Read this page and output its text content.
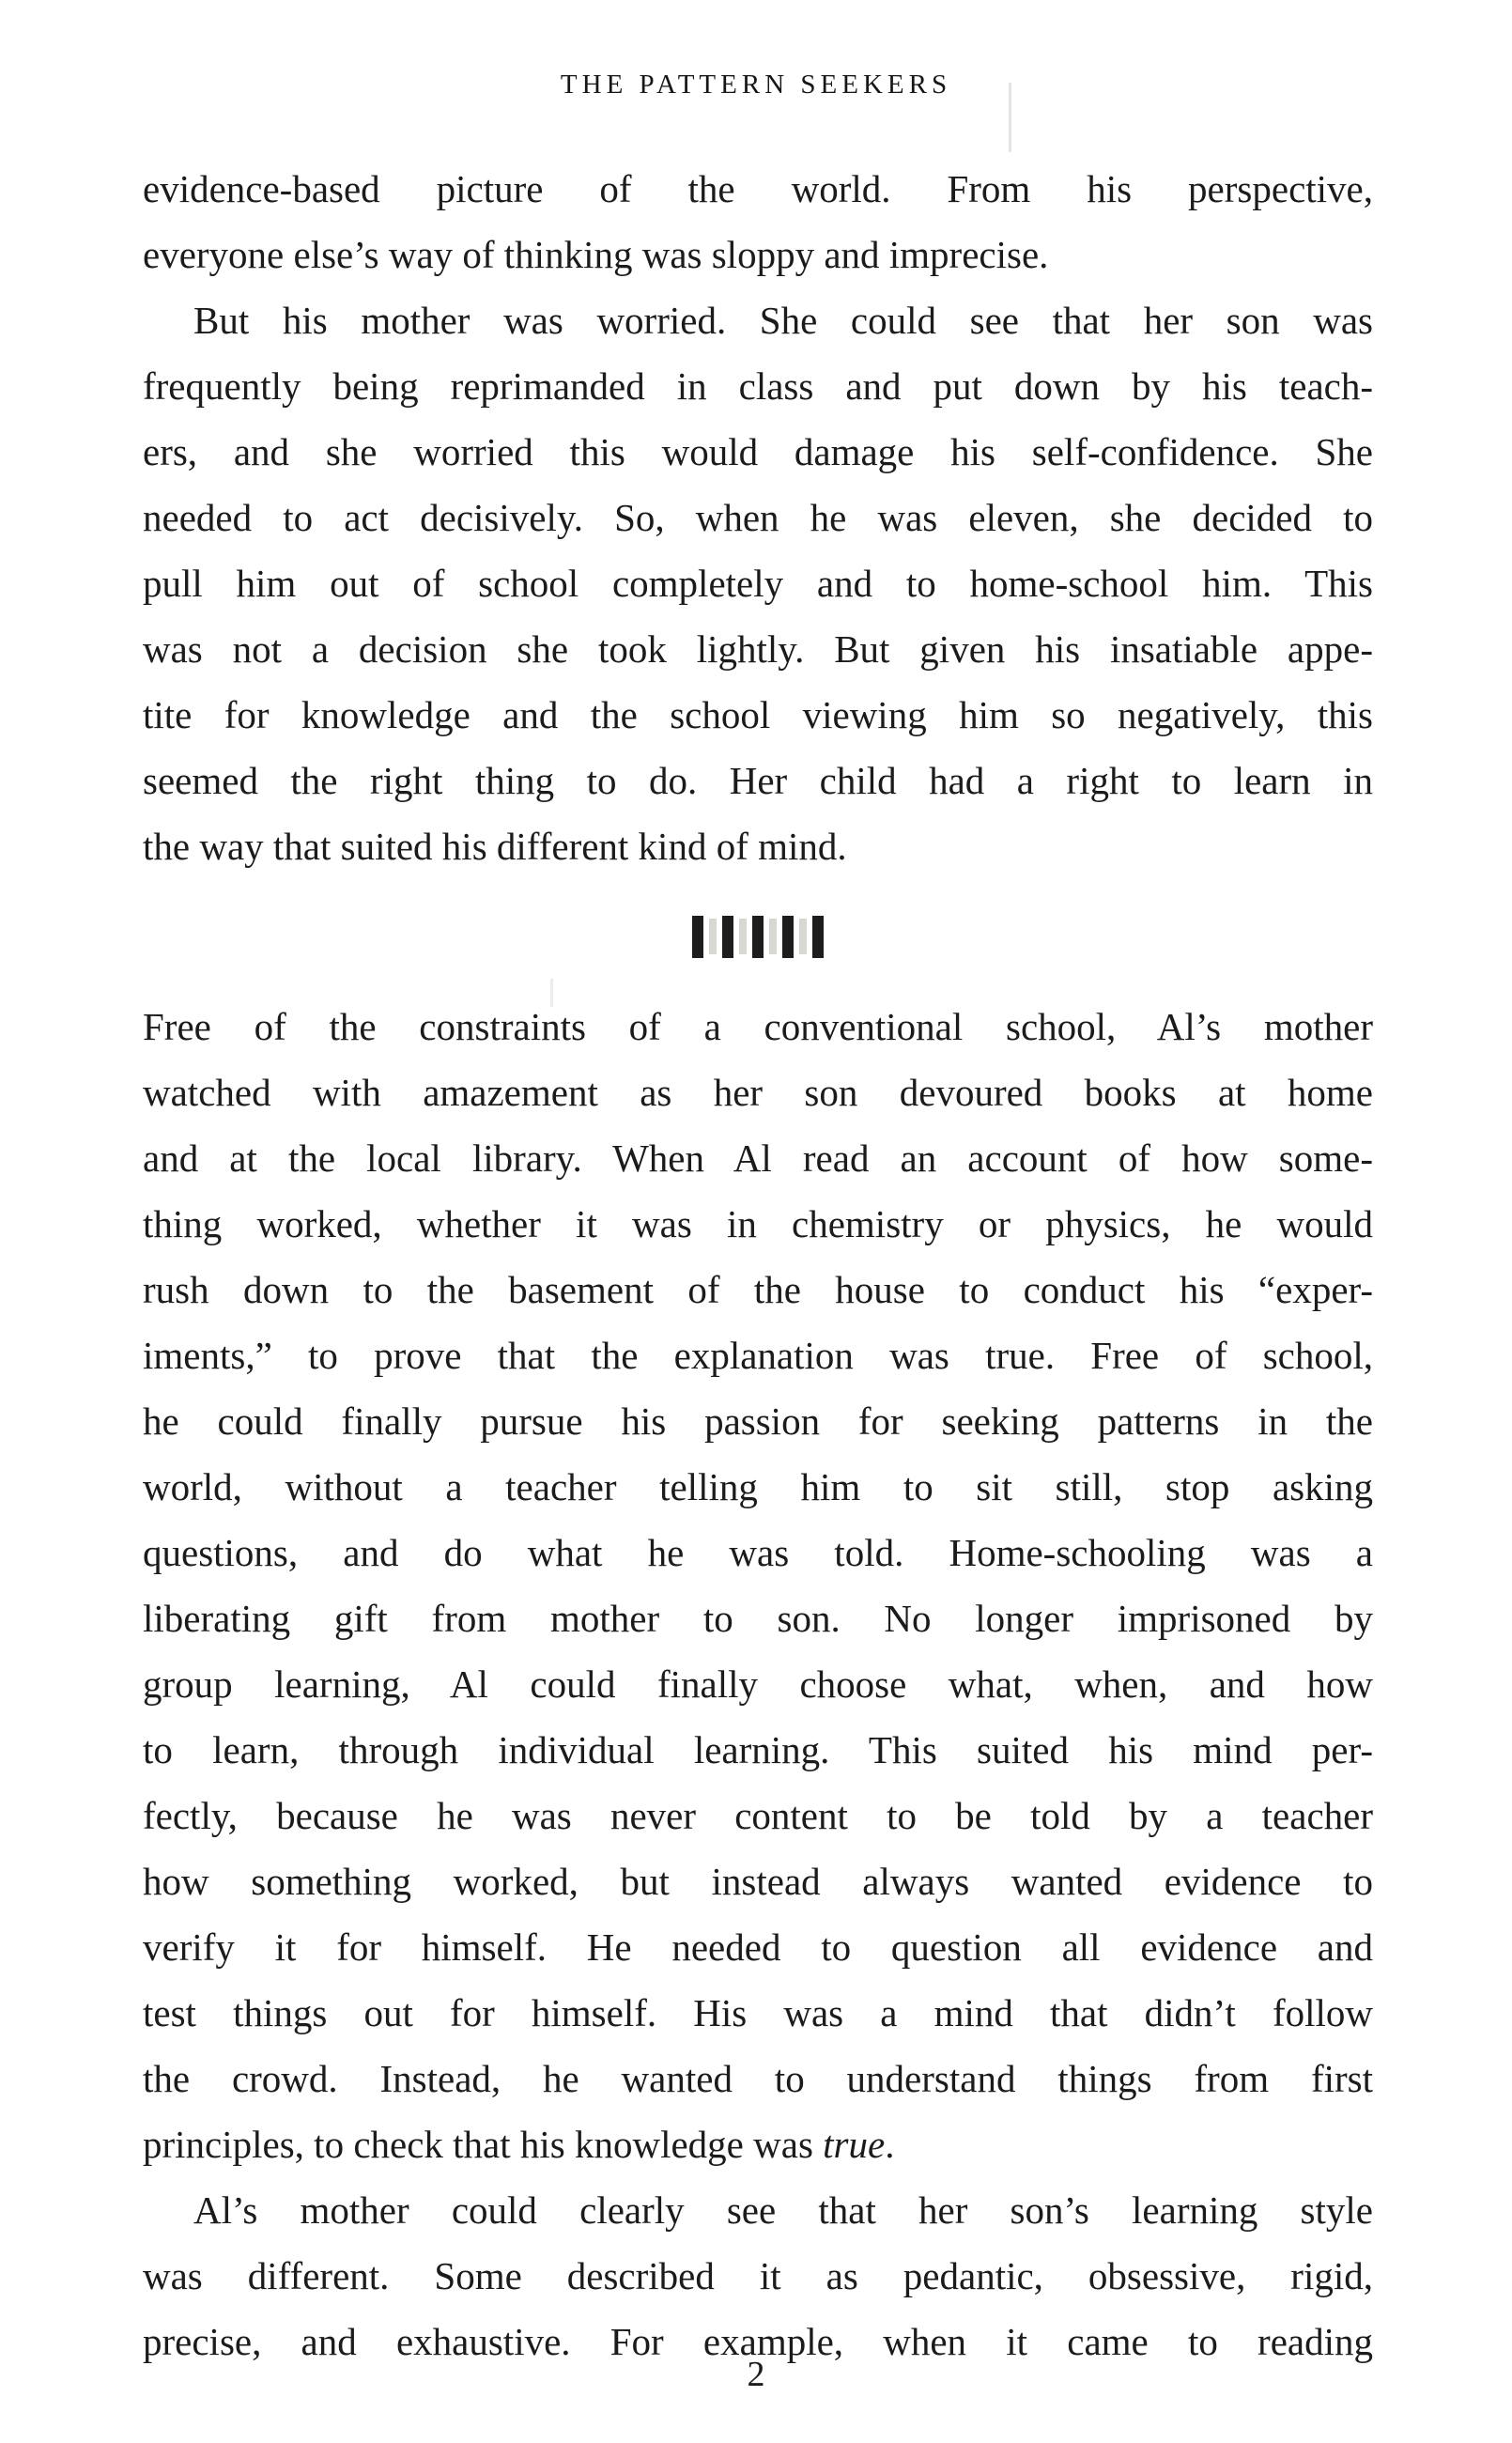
THE PATTERN SEEKERS
evidence-based picture of the world. From his perspective,
everyone else’s way of thinking was sloppy and imprecise.
But his mother was worried. She could see that her son was
frequently being reprimanded in class and put down by his teach-
ers, and she worried this would damage his self-confidence. She
needed to act decisively. So, when he was eleven, she decided to
pull him out of school completely and to home-school him. This
was not a decision she took lightly. But given his insatiable appe-
tite for knowledge and the school viewing him so negatively, this
seemed the right thing to do. Her child had a right to learn in
the way that suited his different kind of mind.
Free of the constraints of a conventional school, Al’s mother
watched with amazement as her son devoured books at home
and at the local library. When Al read an account of how some-
thing worked, whether it was in chemistry or physics, he would
rush down to the basement of the house to conduct his “exper-
iments,” to prove that the explanation was true. Free of school,
he could finally pursue his passion for seeking patterns in the
world, without a teacher telling him to sit still, stop asking
questions, and do what he was told. Home-schooling was a
liberating gift from mother to son. No longer imprisoned by
group learning, Al could finally choose what, when, and how
to learn, through individual learning. This suited his mind per-
fectly, because he was never content to be told by a teacher
how something worked, but instead always wanted evidence to
verify it for himself. He needed to question all evidence and
test things out for himself. His was a mind that didn’t follow
the crowd. Instead, he wanted to understand things from first
principles, to check that his knowledge was true.
Al’s mother could clearly see that her son’s learning style
was different. Some described it as pedantic, obsessive, rigid,
precise, and exhaustive. For example, when it came to reading
2
